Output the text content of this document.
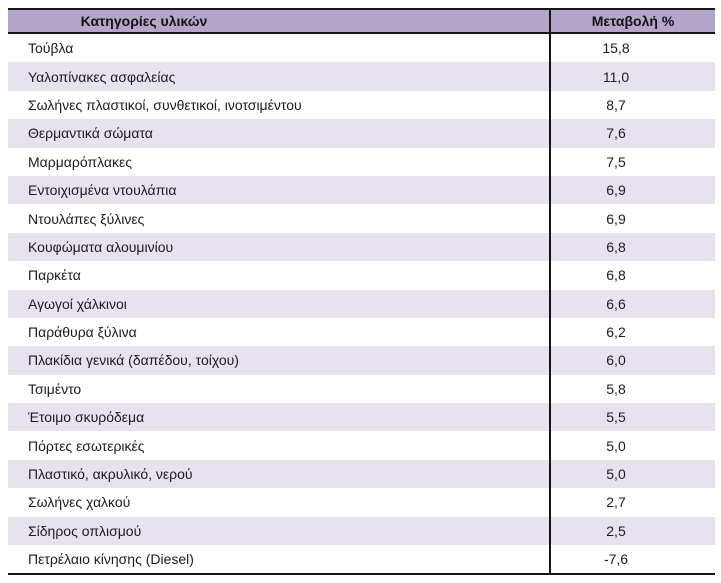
Κατηγορίες υλικών	Μεταβολή %
Τούβλα	15,8
Υαλοπίνακες ασφαλείας	11,0
Σωλήνες πλαστικοί, συνθετικοί, ινοτσιμέντου	8,7
Θερμαντικά σώματα	7,6
Μαρμαρόπλακες	7,5
Εντοιχισμένα ντουλάπια	6,9
Ντουλάπες ξύλινες	6,9
Κουφώματα αλουμινίου	6,8
Παρκέτα	6,8
Αγωγοί χάλκινοι	6,6
Παράθυρα ξύλινα	6,2
Πλακίδια γενικά (δαπέδου, τοίχου)	6,0
Τσιμέντο	5,8
Έτοιμο σκυρόδεμα	5,5
Πόρτες εσωτερικές	5,0
Πλαστικό, ακρυλικό, νερού	5,0
Σωλήνες χαλκού	2,7
Σίδηρος οπλισμού	2,5
Πετρέλαιο κίνησης (Diesel)	-7,6
